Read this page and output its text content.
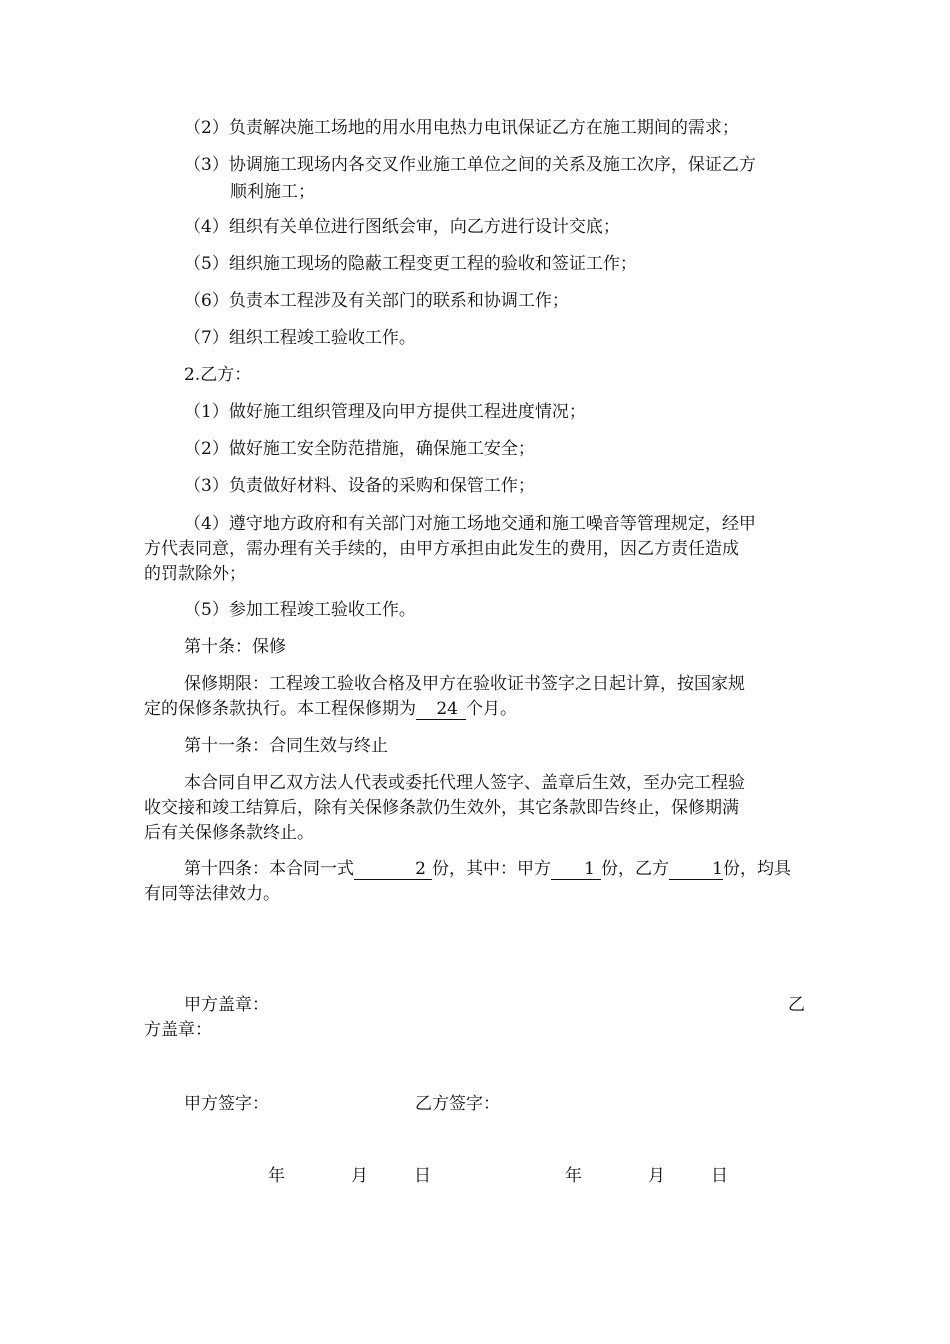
（2）负责解决施工场地的用水用电热力电讯保证乙方在施工期间的需求；
（3）协调施工现场内各交叉作业施工单位之间的关系及施工次序，保证乙方
顺利施工；
（4）组织有关单位进行图纸会审，向乙方进行设计交底；
（5）组织施工现场的隐蔽工程变更工程的验收和签证工作；
（6）负责本工程涉及有关部门的联系和协调工作；
（7）组织工程竣工验收工作。
2.乙方：
（1）做好施工组织管理及向甲方提供工程进度情况；
（2）做好施工安全防范措施，确保施工安全；
（3）负责做好材料、设备的采购和保管工作；
（4）遵守地方政府和有关部门对施工场地交通和施工噪音等管理规定，经甲
方代表同意，需办理有关手续的，由甲方承担由此发生的费用，因乙方责任造成
的罚款除外；
（5）参加工程竣工验收工作。
第十条：保修
保修期限：工程竣工验收合格及甲方在验收证书签字之日起计算，按国家规
定的保修条款执行。本工程保修期为 24 个月。
第十一条：合同生效与终止
本合同自甲乙双方法人代表或委托代理人签字、盖章后生效，至办完工程验
收交接和竣工结算后，除有关保修条款仍生效外，其它条款即告终止，保修期满
后有关保修条款终止。
第十四条：本合同一式	2 份，其中：甲方 1 份，乙方	1份，均具
有同等法律效力。
甲方盖章：	乙
方盖章：
甲方签字：	乙方签字：
年	月	日	年	月	日
